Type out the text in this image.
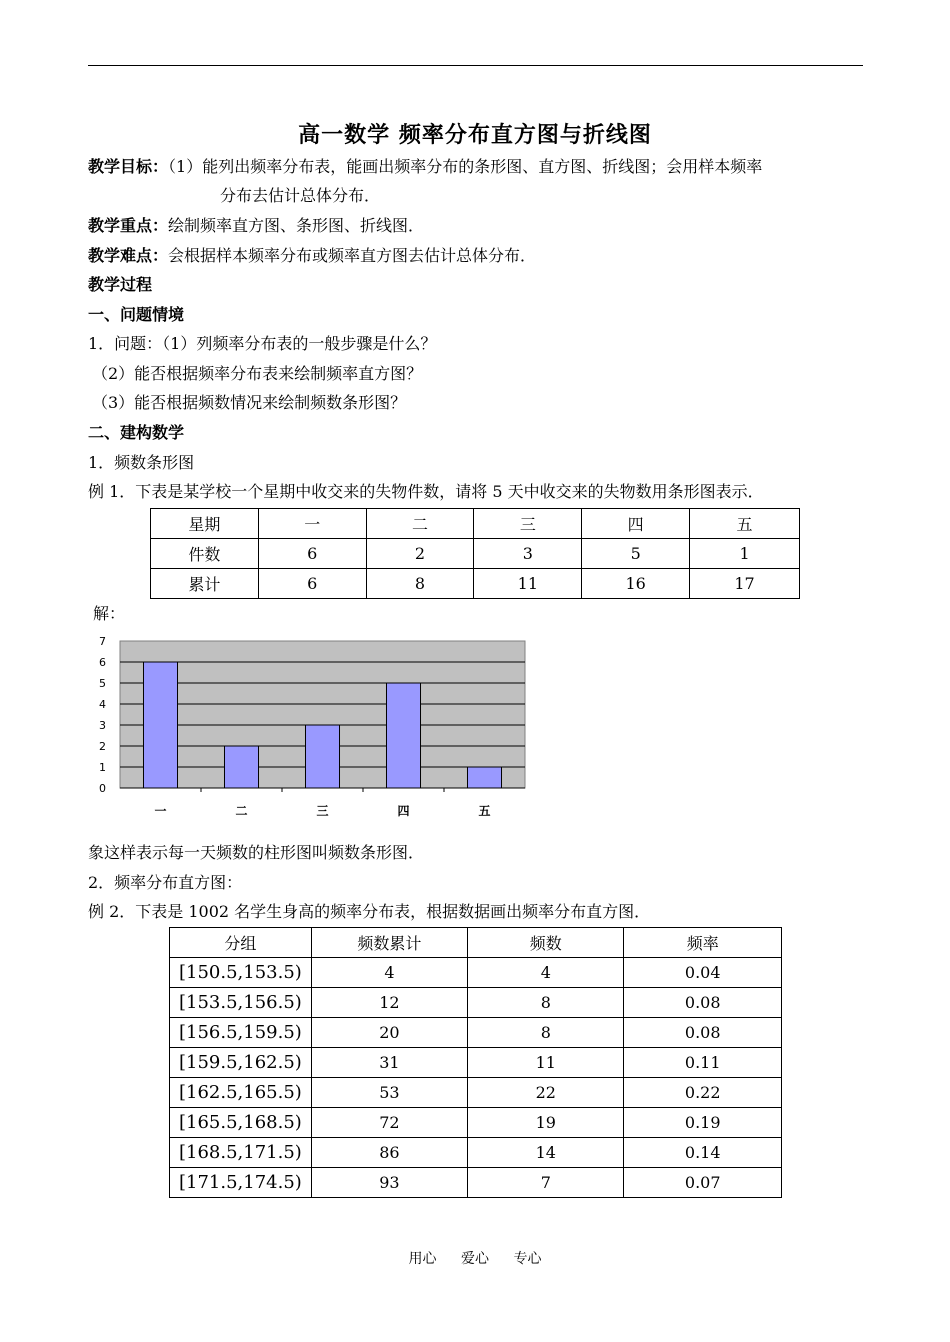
高一数学 频率分布直方图与折线图
教学目标：（1）能列出频率分布表，能画出频率分布的条形图、直方图、折线图；会用样本频率
分布去估计总体分布．
教学重点：绘制频率直方图、条形图、折线图．
教学难点：会根据样本频率分布或频率直方图去估计总体分布．
教学过程
一、问题情境
1．问题：（1）列频率分布表的一般步骤是什么？
（2）能否根据频率分布表来绘制频率直方图？
（3）能否根据频数情况来绘制频数条形图？
二、建构数学
1．频数条形图
例 1．下表是某学校一个星期中收交来的失物件数，请将 5 天中收交来的失物数用条形图表示．
星期	一	二	三	四	五
件数	6	2	3	5	1
累计	6	8	11	16	17
解：
0
1
2
3
4
5
6
7
一	二	三	四	五
象这样表示每一天频数的柱形图叫频数条形图．
2．频率分布直方图：
例 2．下表是 1002 名学生身高的频率分布表，根据数据画出频率分布直方图．
分组	频数累计	频数	频率
[150.5,153.5)	4	4	0.04
[153.5,156.5)	12	8	0.08
[156.5,159.5)	20	8	0.08
[159.5,162.5)	31	11	0.11
[162.5,165.5)	53	22	0.22
[165.5,168.5)	72	19	0.19
[168.5,171.5)	86	14	0.14
[171.5,174.5)	93	7	0.07
用心 爱心 专心
